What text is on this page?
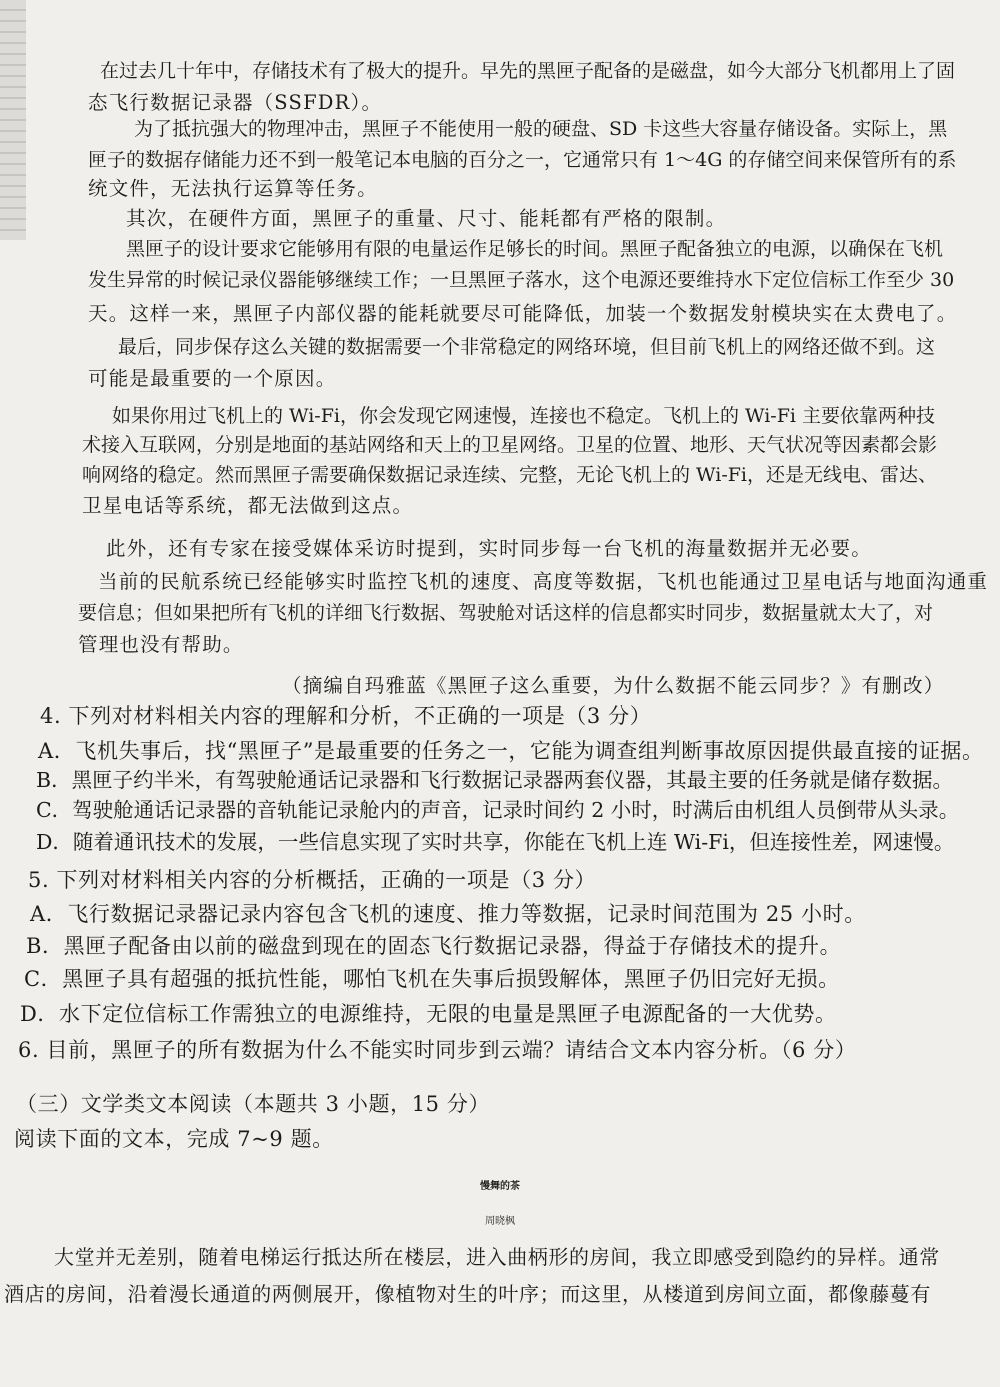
在过去几十年中，存储技术有了极大的提升。早先的黑匣子配备的是磁盘，如今大部分飞机都用上了固
态飞行数据记录器（SSFDR）。
为了抵抗强大的物理冲击，黑匣子不能使用一般的硬盘、SD 卡这些大容量存储设备。实际上，黑
匣子的数据存储能力还不到一般笔记本电脑的百分之一，它通常只有 1～4G 的存储空间来保管所有的系
统文件，无法执行运算等任务。
其次，在硬件方面，黑匣子的重量、尺寸、能耗都有严格的限制。
黑匣子的设计要求它能够用有限的电量运作足够长的时间。黑匣子配备独立的电源，以确保在飞机
发生异常的时候记录仪器能够继续工作；一旦黑匣子落水，这个电源还要维持水下定位信标工作至少 30
天。这样一来，黑匣子内部仪器的能耗就要尽可能降低，加装一个数据发射模块实在太费电了。
最后，同步保存这么关键的数据需要一个非常稳定的网络环境，但目前飞机上的网络还做不到。这
可能是最重要的一个原因。
如果你用过飞机上的 Wi-Fi，你会发现它网速慢，连接也不稳定。飞机上的 Wi-Fi 主要依靠两种技
术接入互联网，分别是地面的基站网络和天上的卫星网络。卫星的位置、地形、天气状况等因素都会影
响网络的稳定。然而黑匣子需要确保数据记录连续、完整，无论飞机上的 Wi-Fi，还是无线电、雷达、
卫星电话等系统，都无法做到这点。
此外，还有专家在接受媒体采访时提到，实时同步每一台飞机的海量数据并无必要。
当前的民航系统已经能够实时监控飞机的速度、高度等数据，飞机也能通过卫星电话与地面沟通重
要信息；但如果把所有飞机的详细飞行数据、驾驶舱对话这样的信息都实时同步，数据量就太大了，对
管理也没有帮助。
（摘编自玛雅蓝《黑匣子这么重要，为什么数据不能云同步？》有删改）
4. 下列对材料相关内容的理解和分析，不正确的一项是（3 分）
A．飞机失事后，找“黑匣子”是最重要的任务之一，它能为调查组判断事故原因提供最直接的证据。
B．黑匣子约半米，有驾驶舱通话记录器和飞行数据记录器两套仪器，其最主要的任务就是储存数据。
C．驾驶舱通话记录器的音轨能记录舱内的声音，记录时间约 2 小时，时满后由机组人员倒带从头录。
D．随着通讯技术的发展，一些信息实现了实时共享，你能在飞机上连 Wi-Fi，但连接性差，网速慢。
5. 下列对材料相关内容的分析概括，正确的一项是（3 分）
A．飞行数据记录器记录内容包含飞机的速度、推力等数据，记录时间范围为 25 小时。
B．黑匣子配备由以前的磁盘到现在的固态飞行数据记录器，得益于存储技术的提升。
C．黑匣子具有超强的抵抗性能，哪怕飞机在失事后损毁解体，黑匣子仍旧完好无损。
D．水下定位信标工作需独立的电源维持，无限的电量是黑匣子电源配备的一大优势。
6. 目前，黑匣子的所有数据为什么不能实时同步到云端？请结合文本内容分析。（6 分）
（三）文学类文本阅读（本题共 3 小题，15 分）
阅读下面的文本，完成 7~9 题。
慢舞的茶
周晓枫
大堂并无差别，随着电梯运行抵达所在楼层，进入曲柄形的房间，我立即感受到隐约的异样。通常
酒店的房间，沿着漫长通道的两侧展开，像植物对生的叶序；而这里，从楼道到房间立面，都像藤蔓有
